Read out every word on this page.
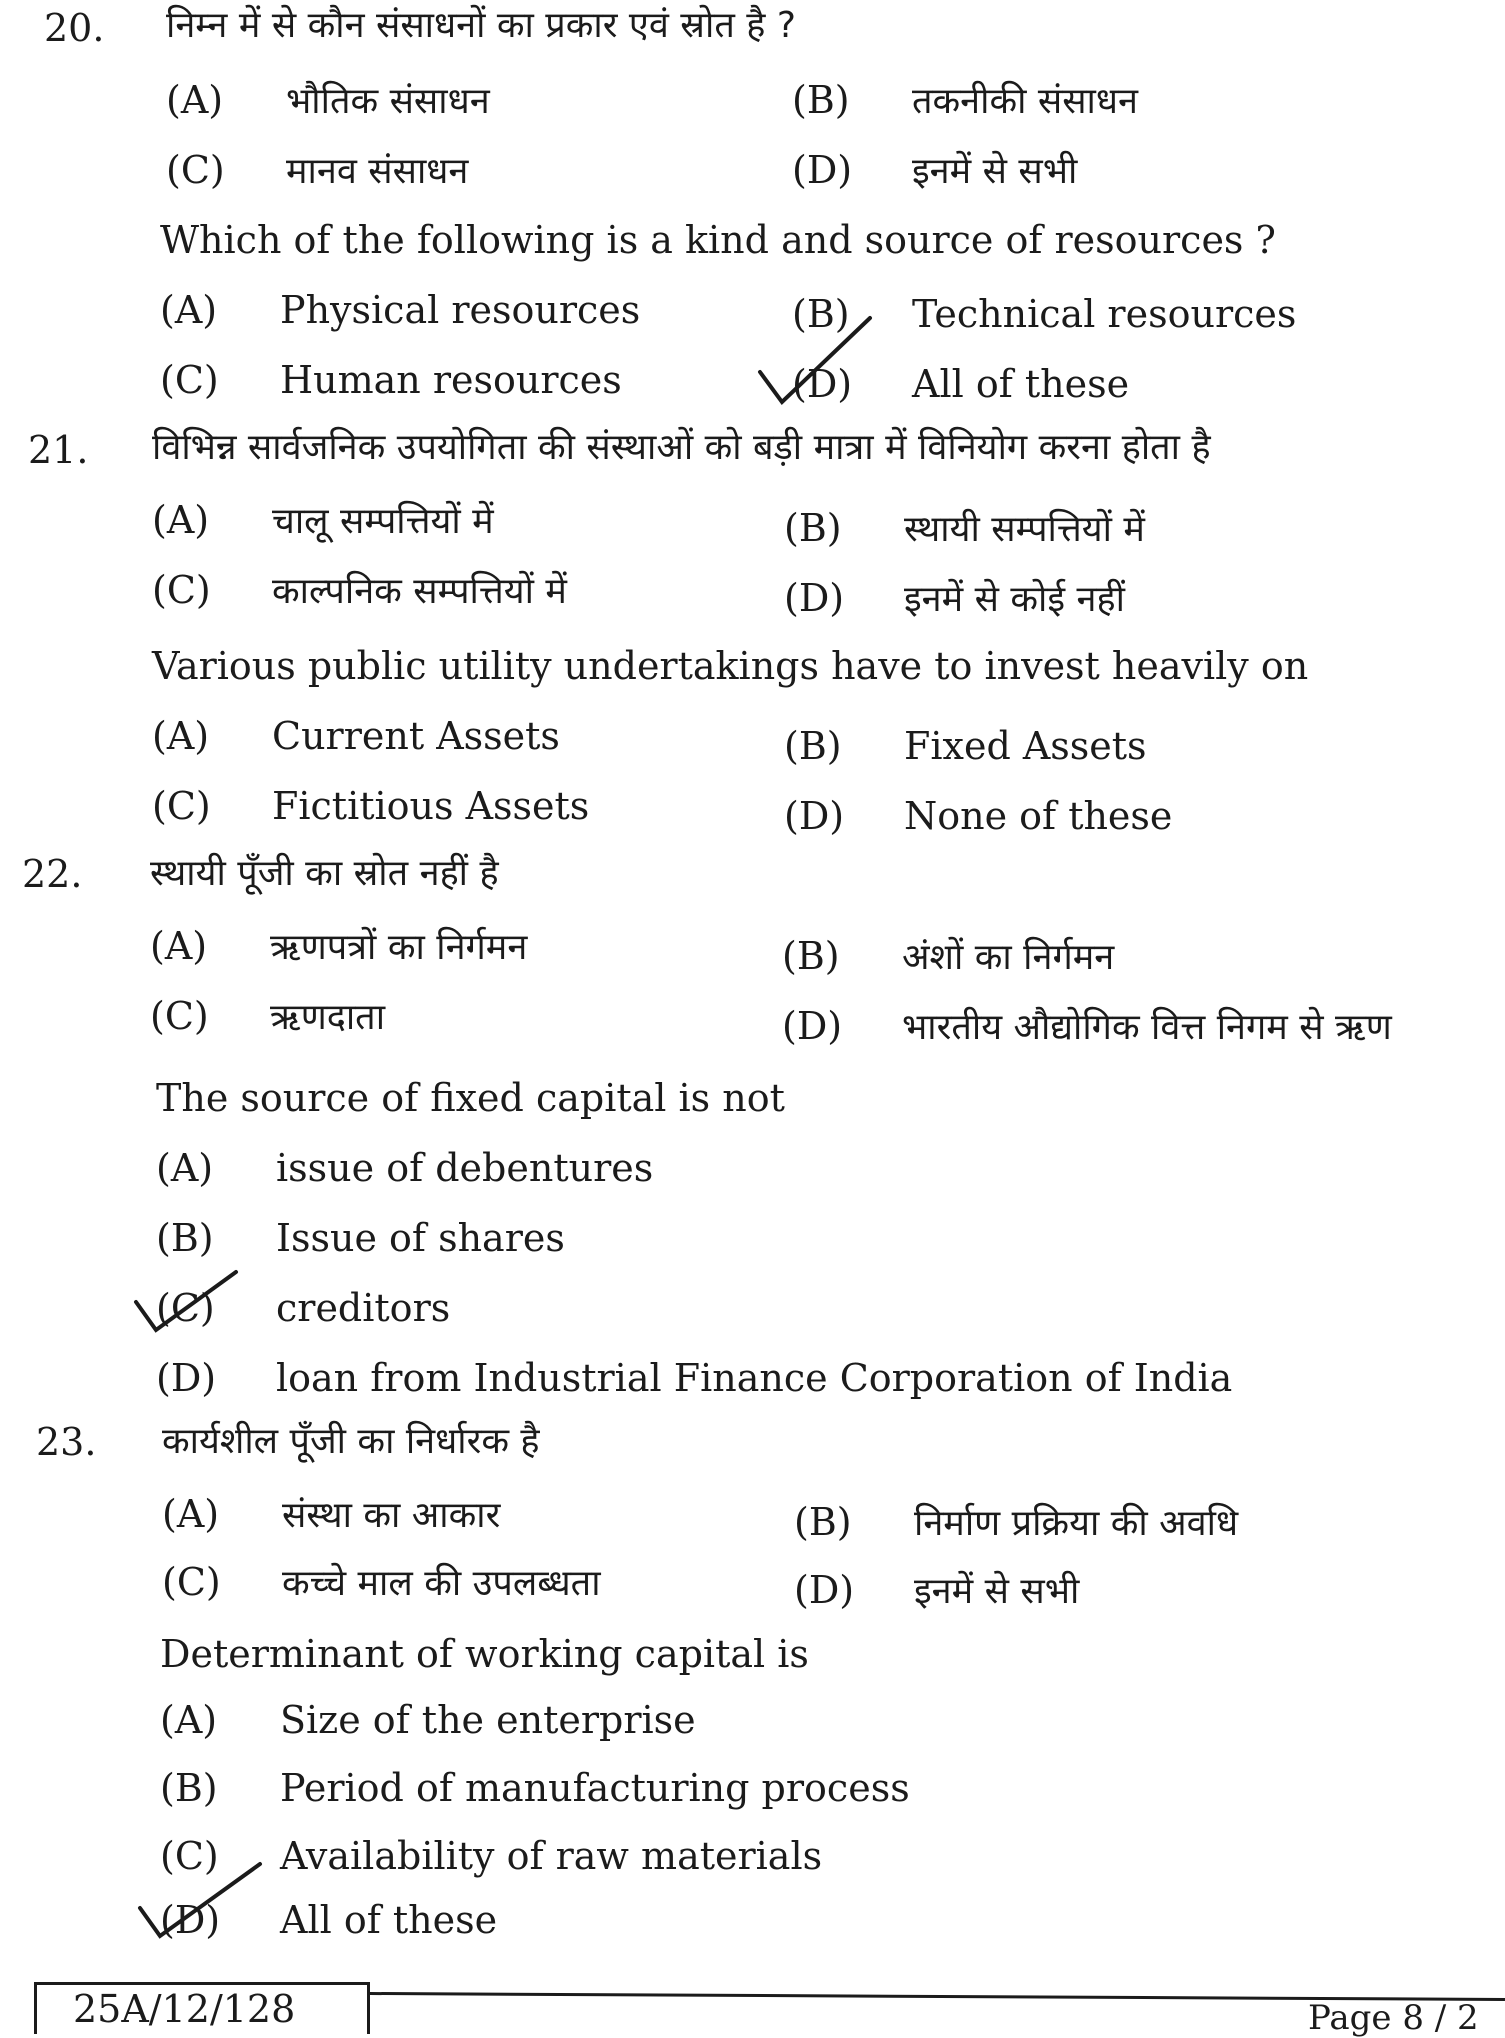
20. निम्न में से कौन संसाधनों का प्रकार एवं स्रोत है ?
(A) भौतिक संसाधन	(B) तकनीकी संसाधन
(C) मानव संसाधन	(D) इनमें से सभी
Which of the following is a kind and source of resources ?
(A) Physical resources	(B) Technical resources
(C) Human resources	(D) All of these
21. विभिन्न सार्वजनिक उपयोगिता की संस्थाओं को बड़ी मात्रा में विनियोग करना होता है
(A) चालू सम्पत्तियों में	(B) स्थायी सम्पत्तियों में
(C) काल्पनिक सम्पत्तियों में	(D) इनमें से कोई नहीं
Various public utility undertakings have to invest heavily on
(A) Current Assets	(B) Fixed Assets
(C) Fictitious Assets	(D) None of these
22. स्थायी पूँजी का स्रोत नहीं है
(A) ऋणपत्रों का निर्गमन	(B) अंशों का निर्गमन
(C) ऋणदाता	(D) भारतीय औद्योगिक वित्त निगम से ऋण
The source of fixed capital is not
(A) issue of debentures
(B) Issue of shares
(C) creditors
(D) loan from Industrial Finance Corporation of India
23. कार्यशील पूँजी का निर्धारक है
(A) संस्था का आकार	(B) निर्माण प्रक्रिया की अवधि
(C) कच्चे माल की उपलब्धता	(D) इनमें से सभी
Determinant of working capital is
(A) Size of the enterprise
(B) Period of manufacturing process
(C) Availability of raw materials
(D) All of these
25A/12/128	Page 8 / 2
